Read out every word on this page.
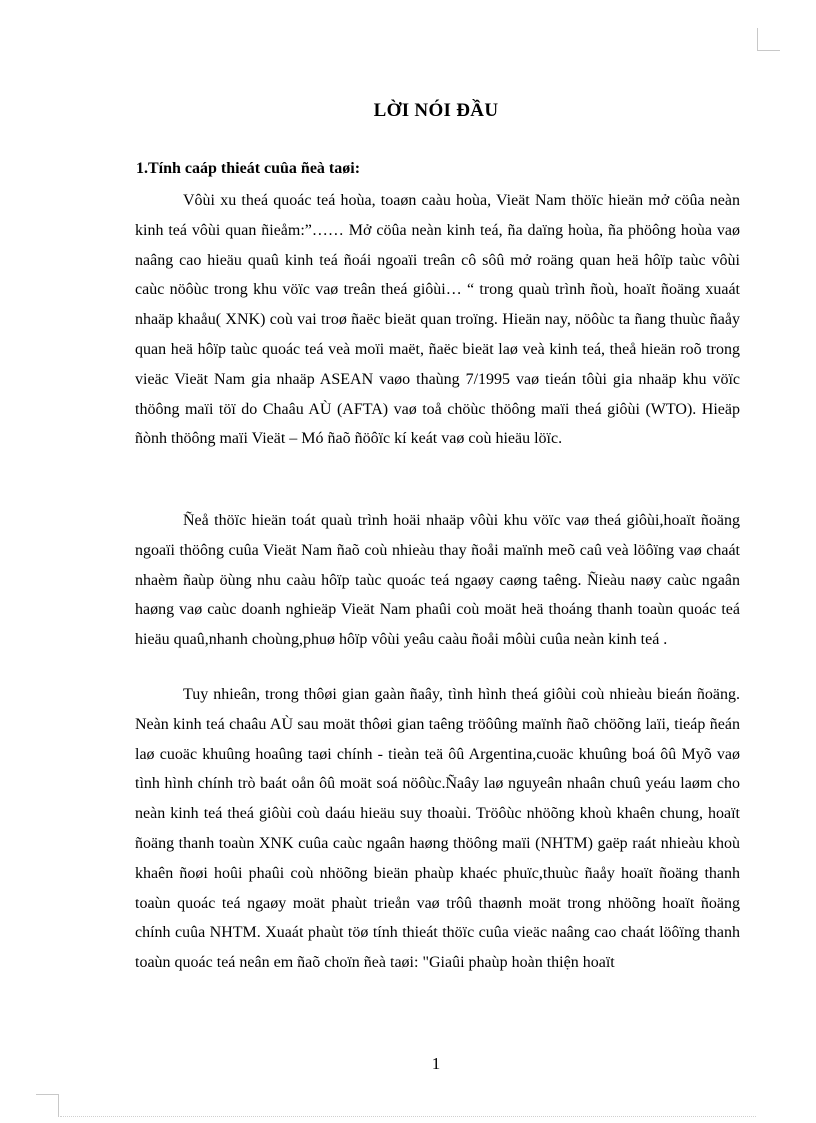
LỜI NÓI ĐẦU
1.Tính caáp thieát cuûa ñeà taøi:

Vôùi xu theá quoác teá hoùa, toaøn caàu hoùa, Vieät Nam thöïc hieän mở cöûa neàn kinh teá vôùi quan ñieåm:”…… Mở cöûa neàn kinh teá, ña daïng hoùa, ña phöông hoùa vaø naâng cao hieäu quaû kinh teá ñoái ngoaïi treân cô sôû mở roäng quan heä hôïp taùc vôùi caùc nöôùc trong khu vöïc vaø treân theá giôùi… “ trong quaù trình ñoù, hoaït ñoäng xuaát nhaäp khaåu( XNK) coù vai troø ñaëc bieät quan troïng. Hieän nay, nöôùc ta ñang thuùc ñaåy quan heä hôïp taùc quoác teá veà moïi maët, ñaëc bieät laø veà kinh teá, theå hieän roõ trong vieäc Vieät Nam gia nhaäp ASEAN vaøo thaùng 7/1995 vaø tieán tôùi gia nhaäp khu vöïc thöông maïi töï do Chaâu AÙ (AFTA) vaø toå chöùc thöông maïi theá giôùi (WTO). Hieäp ñònh thöông maïi Vieät – Mó ñaõ ñöôïc kí keát vaø coù hieäu löïc.

Ñeå thöïc hieän toát quaù trình hoäi nhaäp vôùi khu vöïc vaø theá giôùi,hoaït ñoäng ngoaïi thöông cuûa Vieät Nam ñaõ coù nhieàu thay ñoåi maïnh meõ caû veà löôïng vaø chaát nhaèm ñaùp öùng nhu caàu hôïp taùc quoác teá ngaøy caøng taêng. Ñieàu naøy caùc ngaân haøng vaø caùc doanh nghieäp Vieät Nam phaûi coù moät heä thoáng thanh toaùn quoác teá hieäu quaû,nhanh choùng,phuø hôïp vôùi yeâu caàu ñoåi môùi cuûa neàn kinh teá .

Tuy nhieân, trong thôøi gian gaàn ñaây, tình hình theá giôùi coù nhieàu bieán ñoäng. Neàn kinh teá chaâu AÙ sau moät thôøi gian taêng tröôûng maïnh ñaõ chöõng laïi, tieáp ñeán laø cuoäc khuûng hoaûng taøi chính - tieàn teä ôû Argentina,cuoäc khuûng boá ôû Myõ vaø tình hình chính trò baát oån ôû moät soá nöôùc.Ñaây laø nguyeân nhaân chuû yeáu laøm cho neàn kinh teá theá giôùi coù daáu hieäu suy thoaùi. Tröôùc nhöõng khoù khaên chung, hoaït ñoäng thanh toaùn XNK cuûa caùc ngaân haøng thöông maïi (NHTM) gaëp raát nhieàu khoù khaên ñoøi hoûi phaûi coù nhöõng bieän phaùp khaéc phuïc,thuùc ñaåy hoaït ñoäng thanh toaùn quoác teá ngaøy moät phaùt trieån vaø trôû thaønh moät trong nhöõng hoaït ñoäng chính cuûa NHTM. Xuaát phaùt töø tính thieát thöïc cuûa vieäc naâng cao chaát löôïng thanh toaùn quoác teá neân em ñaõ choïn ñeà taøi: "Giaûi phaùp hoàn thiện hoaït

1
